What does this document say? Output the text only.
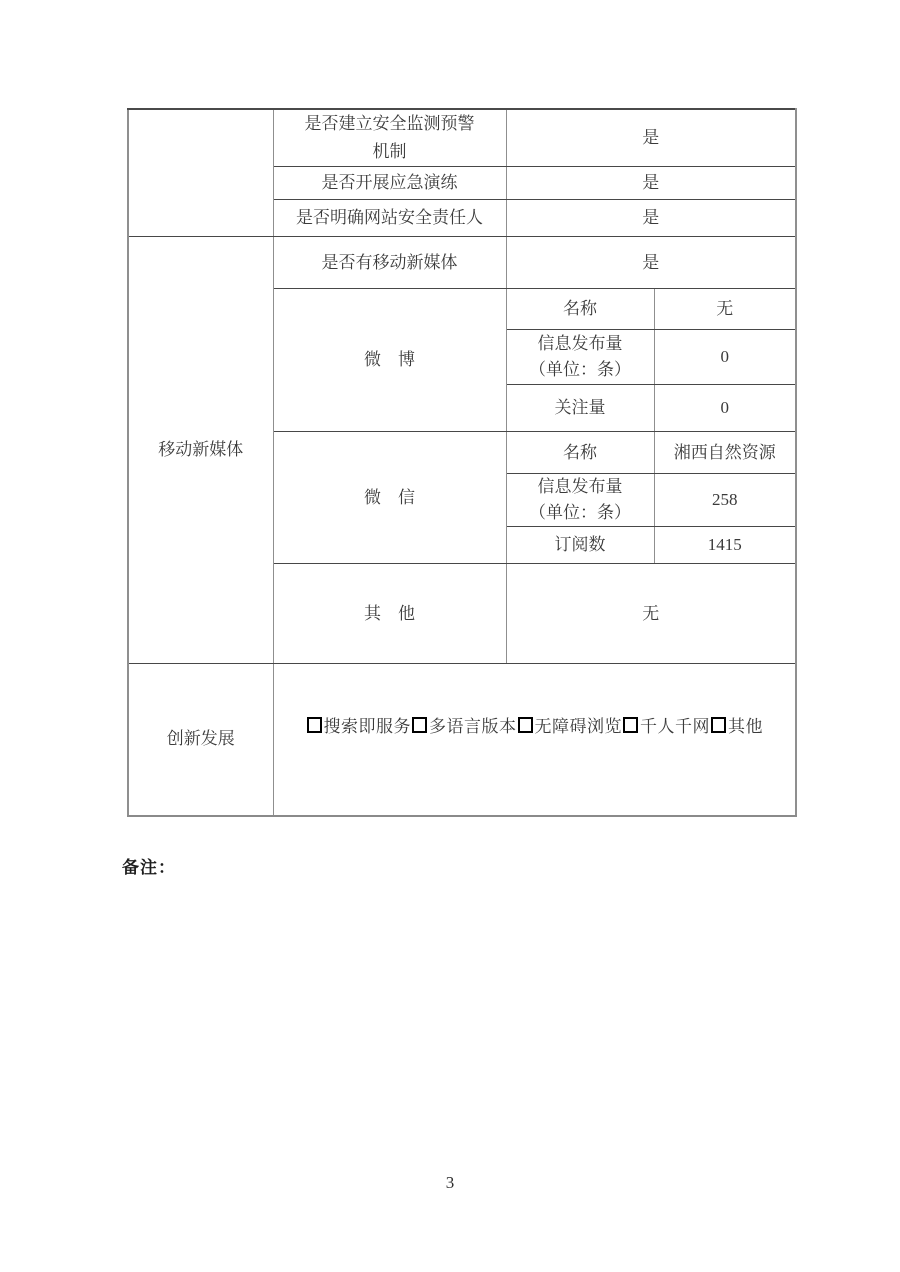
	是否建立安全监测预警机制	是	
	是否开展应急演练	是	
	是否明确网站安全责任人	是	
移动新媒体	是否有移动新媒体	是	
	微　博	名称	无

		信息发布量
（单位：条）	0
		关注量	0
	微　信	名称	湘西自然资源

		信息发布量
（单位：条）	258
		订阅数	1415
	其　他	无	
创新发展	搜索即服务 多语言版本 无障碍浏览 千人千网 其他		
备注：
3
